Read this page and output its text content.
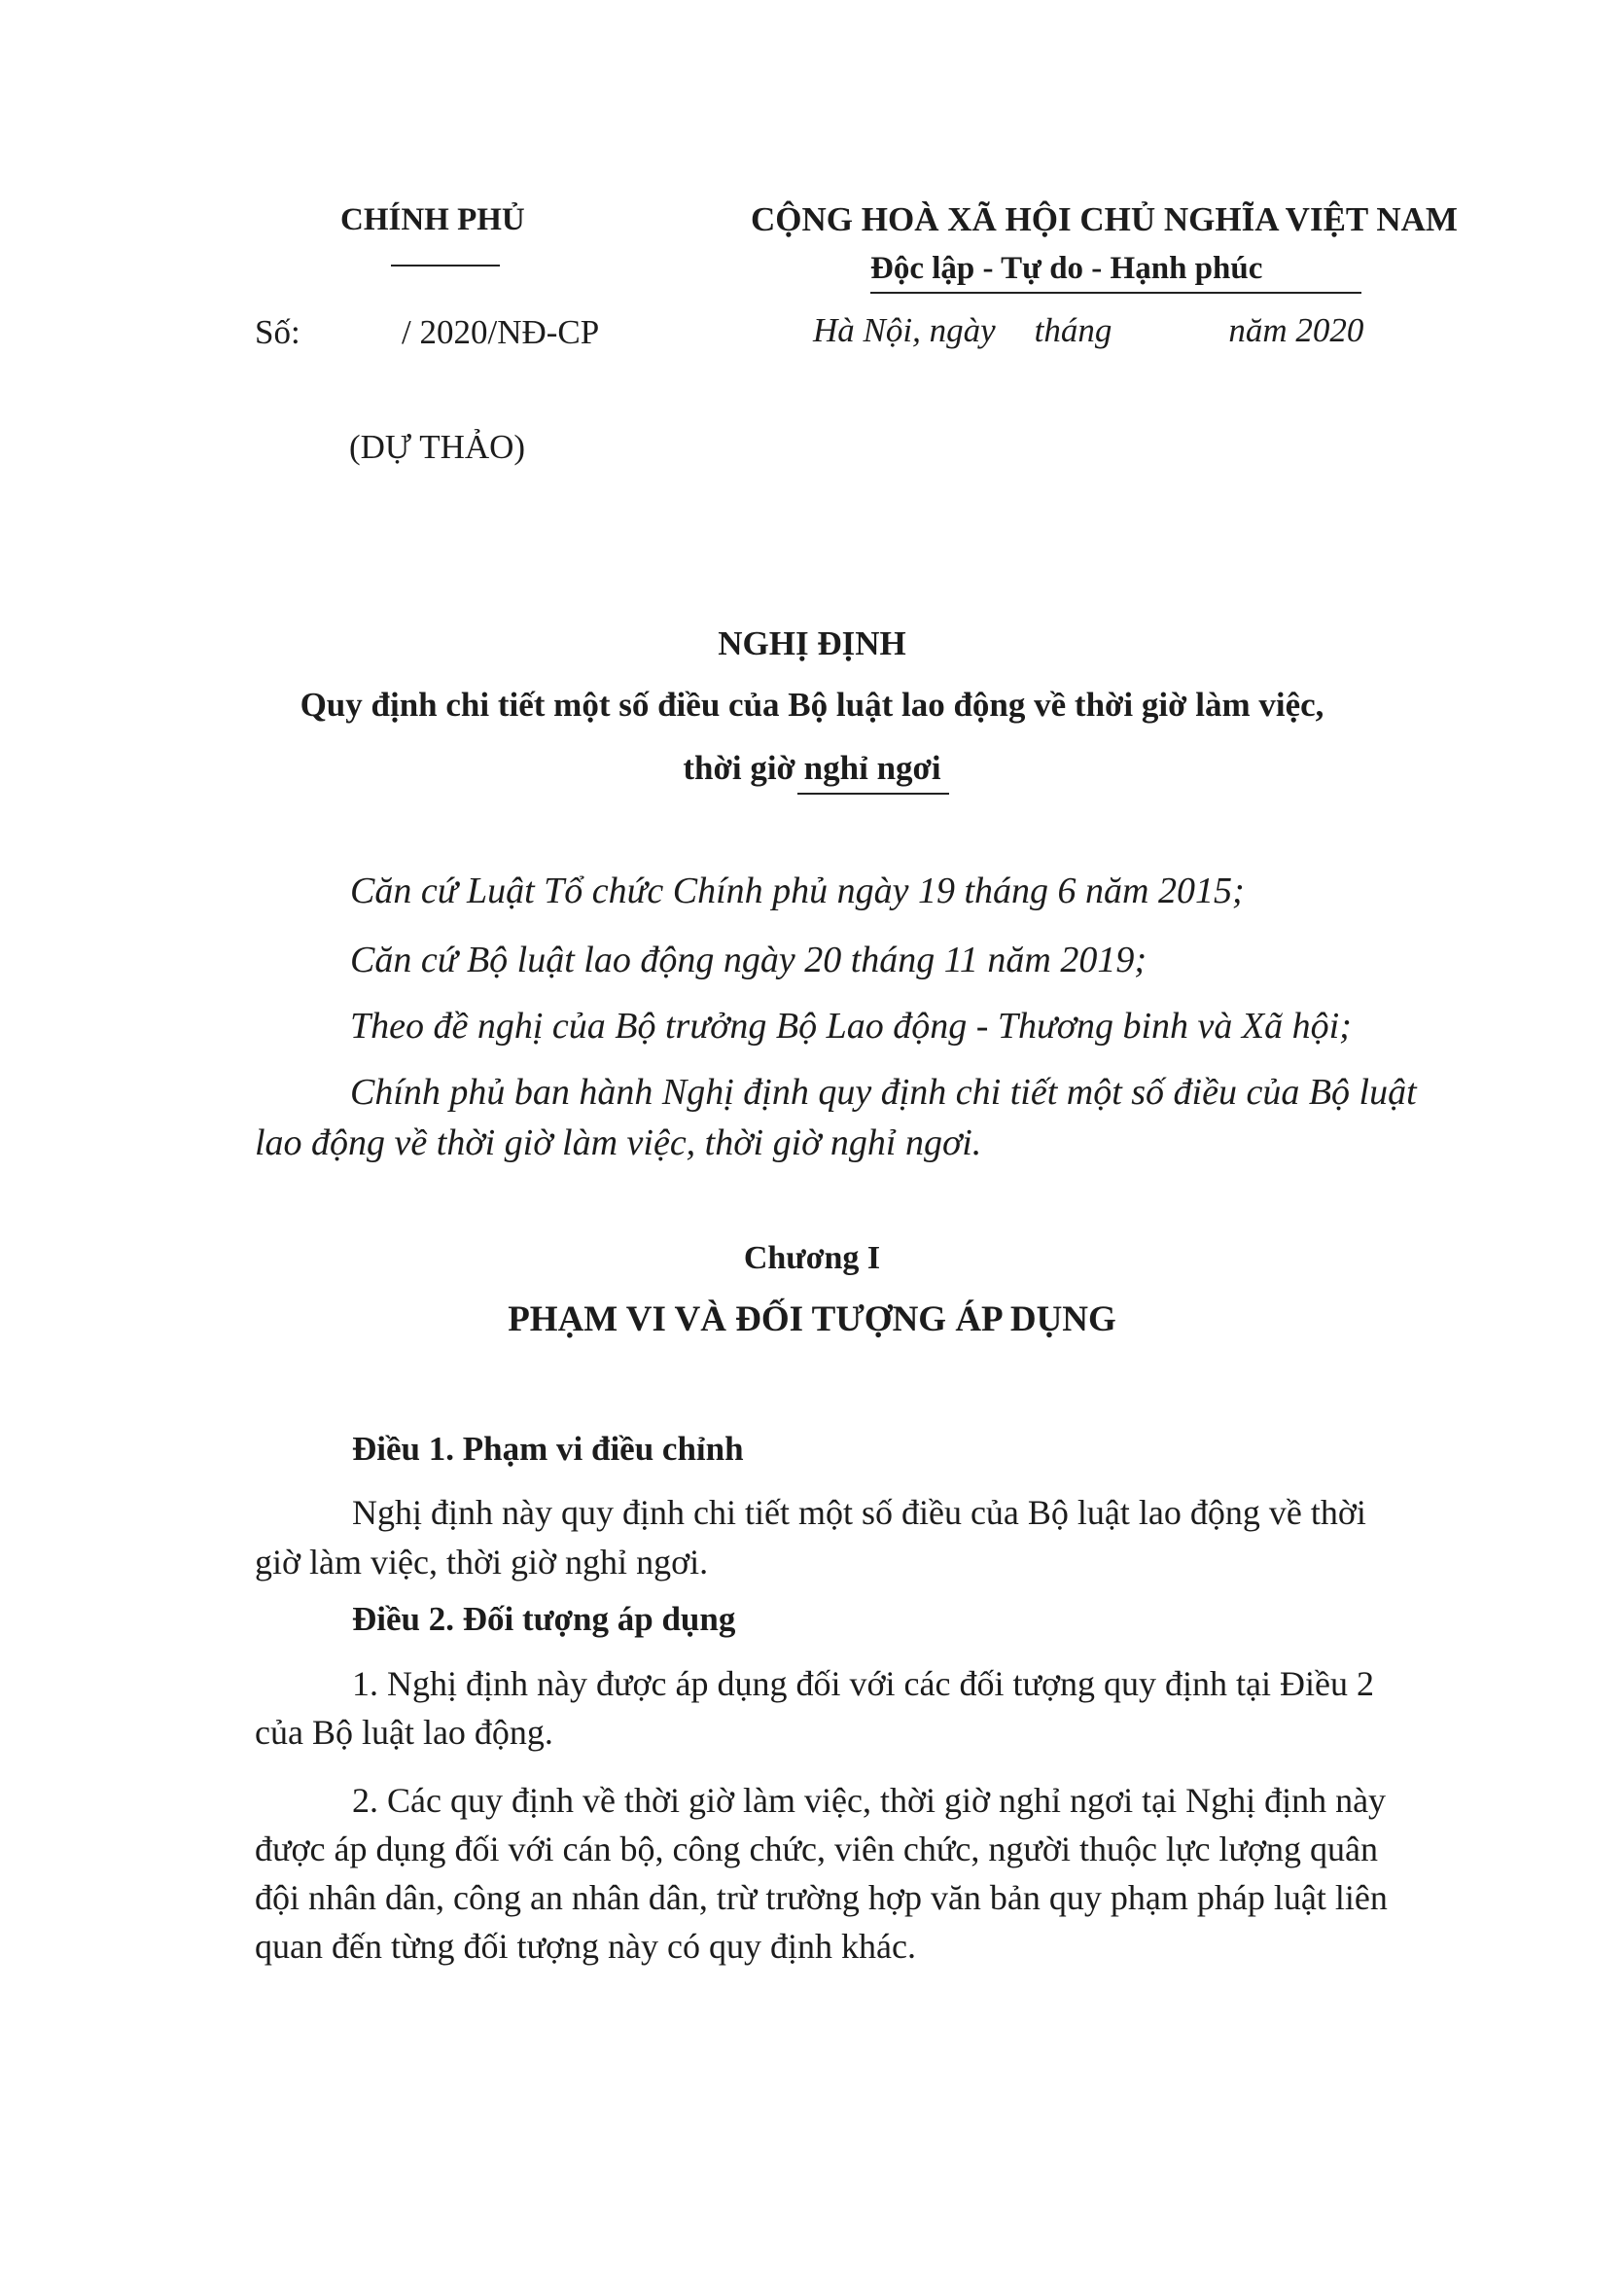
CHÍNH PHỦ	CỘNG HOÀ XÃ HỘI CHỦ NGHĨA VIỆT NAM
Độc lập - Tự do - Hạnh phúc
Số:	/ 2020/NĐ-CP	Hà Nội, ngày tháng	năm 2020
(DỰ THẢO)
NGHỊ ĐỊNH
Quy định chi tiết một số điều của Bộ luật lao động về thời giờ làm việc,
thời giờ nghỉ ngơi
Căn cứ Luật Tổ chức Chính phủ ngày 19 tháng 6 năm 2015;
Căn cứ Bộ luật lao động ngày 20 tháng 11 năm 2019;
Theo đề nghị của Bộ trưởng Bộ Lao động - Thương binh và Xã hội;
Chính phủ ban hành Nghị định quy định chi tiết một số điều của Bộ luật
lao động về thời giờ làm việc, thời giờ nghỉ ngơi.
Chương I
PHẠM VI VÀ ĐỐI TƯỢNG ÁP DỤNG
Điều 1. Phạm vi điều chỉnh
Nghị định này quy định chi tiết một số điều của Bộ luật lao động về thời
giờ làm việc, thời giờ nghỉ ngơi.
Điều 2. Đối tượng áp dụng
1. Nghị định này được áp dụng đối với các đối tượng quy định tại Điều 2
của Bộ luật lao động.
2. Các quy định về thời giờ làm việc, thời giờ nghỉ ngơi tại Nghị định này
được áp dụng đối với cán bộ, công chức, viên chức, người thuộc lực lượng quân
đội nhân dân, công an nhân dân, trừ trường hợp văn bản quy phạm pháp luật liên
quan đến từng đối tượng này có quy định khác.
